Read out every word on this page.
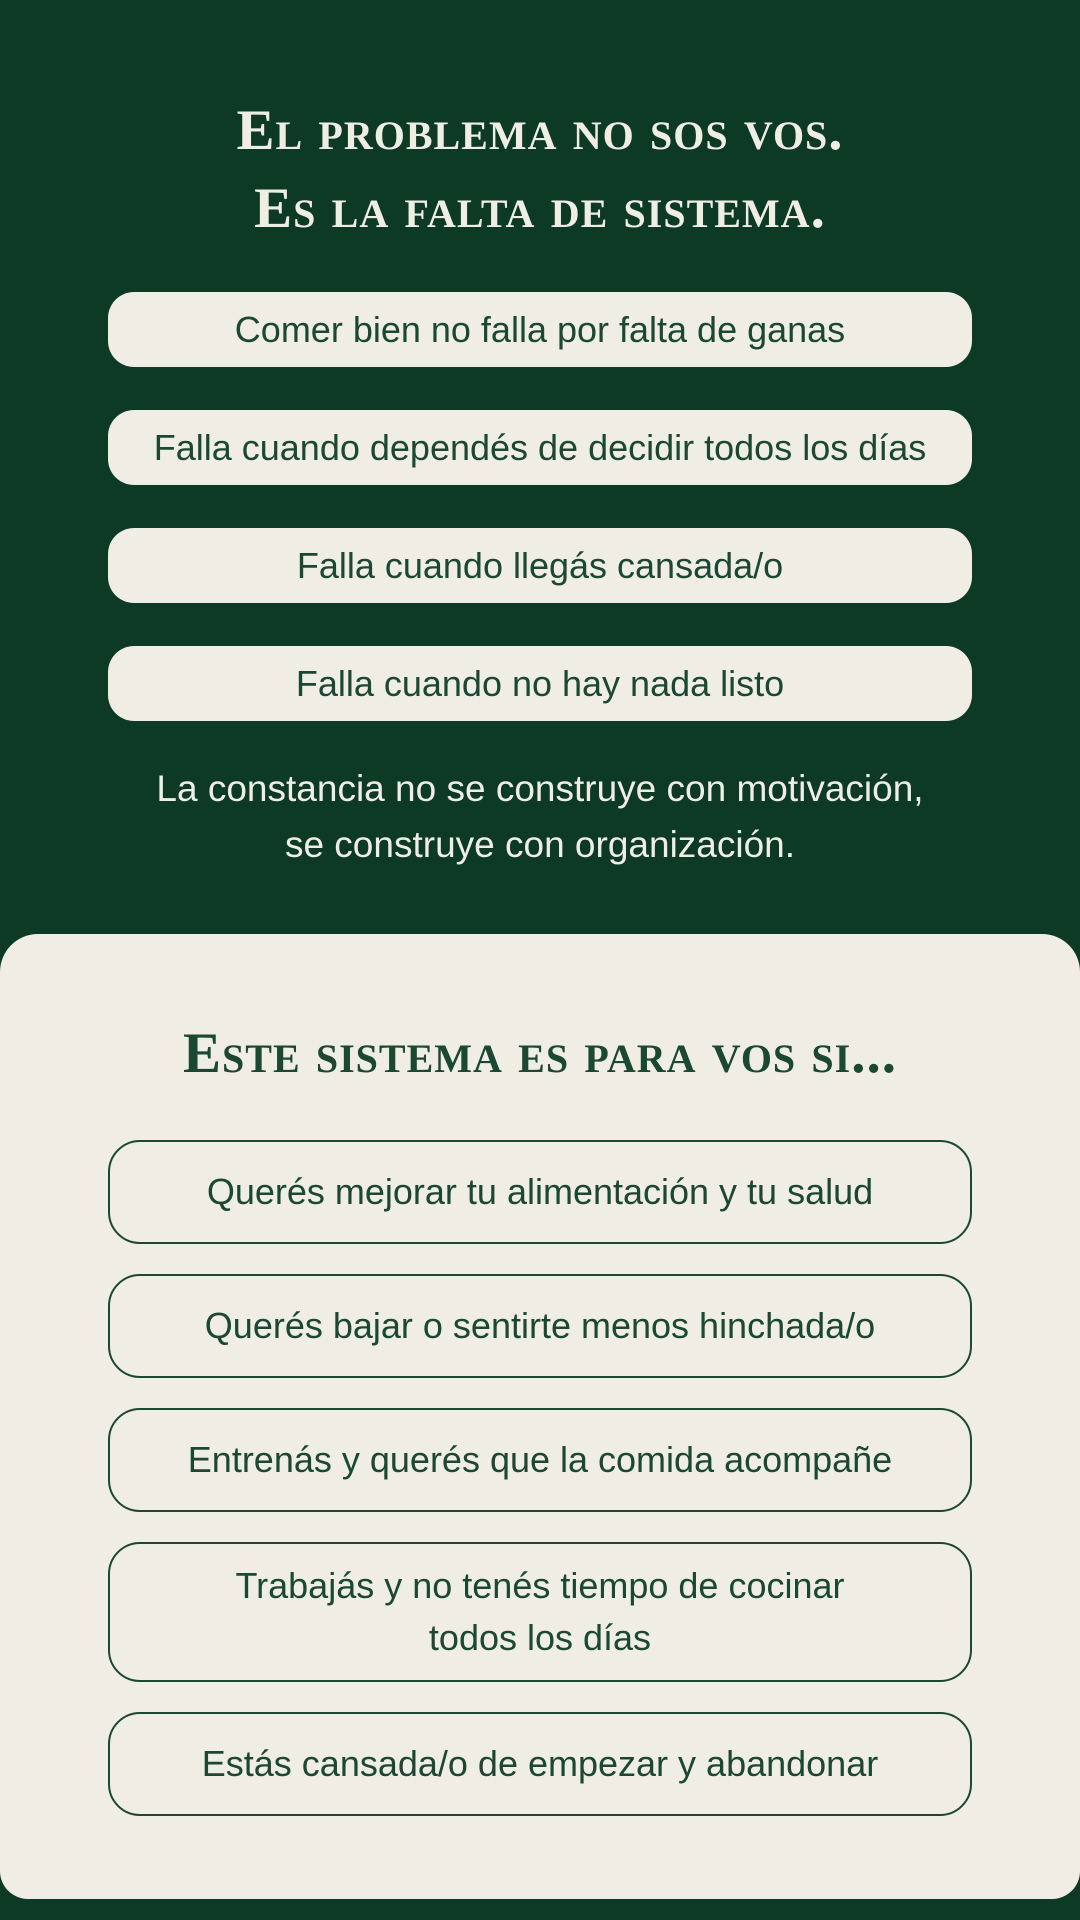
El problema no sos vos.
Es la falta de sistema.
Comer bien no falla por falta de ganas
Falla cuando dependés de decidir todos los días
Falla cuando llegás cansada/o
Falla cuando no hay nada listo
La constancia no se construye con motivación,
se construye con organización.
Este sistema es para vos si...
Querés mejorar tu alimentación y tu salud
Querés bajar o sentirte menos hinchada/o
Entrenás y querés que la comida acompañe
Trabajás y no tenés tiempo de cocinar
todos los días
Estás cansada/o de empezar y abandonar
